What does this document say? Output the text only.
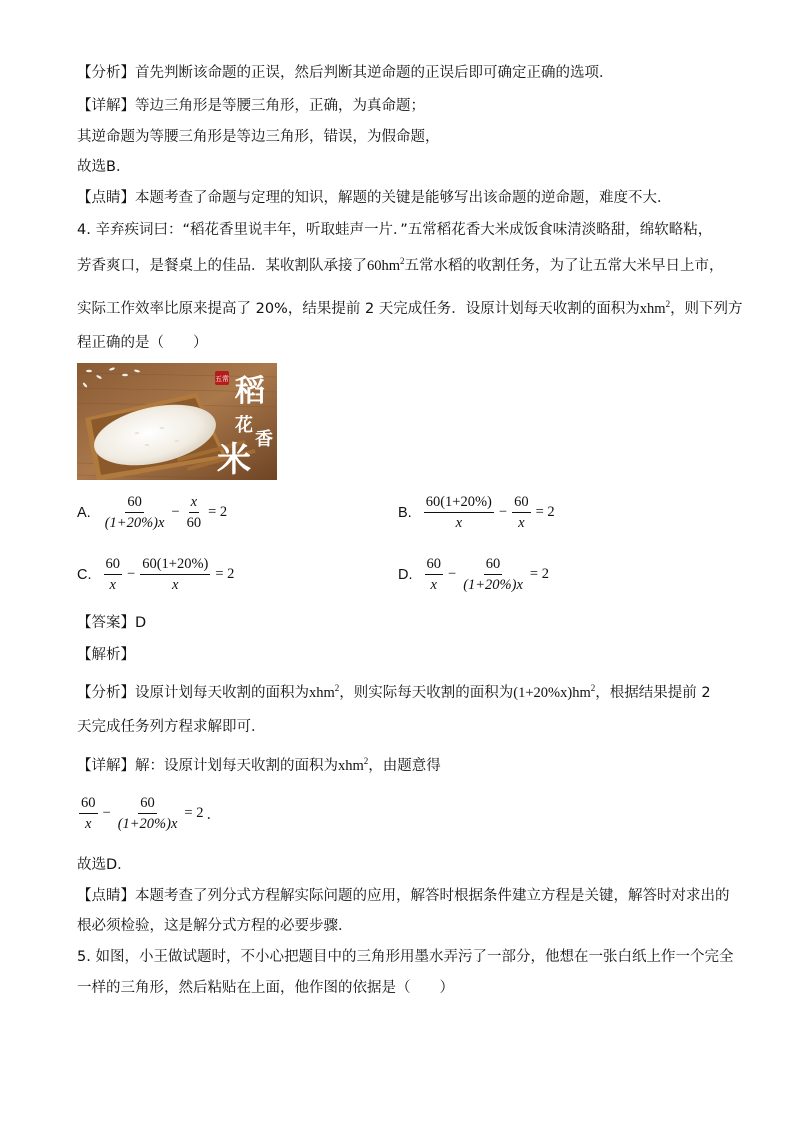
【分析】首先判断该命题的正误，然后判断其逆命题的正误后即可确定正确的选项．
【详解】等边三角形是等腰三角形，正确，为真命题；
其逆命题为等腰三角形是等边三角形，错误，为假命题，
故选B．
【点睛】本题考查了命题与定理的知识，解题的关键是能够写出该命题的逆命题，难度不大．
4. 辛弃疾词曰：“稻花香里说丰年，听取蛙声一片．”五常稻花香大米成饭食味清淡略甜，绵软略粘，
芳香爽口，是餐桌上的佳品．某收割队承接了$60hm^2$五常水稻的收割任务，为了让五常大米早日上市，
实际工作效率比原来提高了 20%，结果提前 2 天完成任务．设原计划每天收割的面积为xhm$^2$，则下列方
程正确的是（　　）
五常 稻
花
香
米
A. $\frac{60}{(1+20\%)x} - \frac{x}{60} = 2$	B. $\frac{60(1+20\%)}{x} - \frac{60}{x} = 2$
C. $\frac{60}{x} - \frac{60(1+20\%)}{x} = 2$	D. $\frac{60}{x} - \frac{60}{(1+20\%)x} = 2$
【答案】D
【解析】
【分析】设原计划每天收割的面积为xhm$^2$，则实际每天收割的面积为$(1+20\%x)hm^2$，根据结果提前 2
天完成任务列方程求解即可．
【详解】解：设原计划每天收割的面积为xhm$^2$，由题意得
$\frac{60}{x} - \frac{60}{(1+20\%)x} = 2$ ．
故选D．
【点睛】本题考查了列分式方程解实际问题的应用，解答时根据条件建立方程是关键，解答时对求出的
根必须检验，这是解分式方程的必要步骤．
5. 如图，小王做试题时，不小心把题目中的三角形用墨水弄污了一部分，他想在一张白纸上作一个完全
一样的三角形，然后粘贴在上面，他作图的依据是（　　）
